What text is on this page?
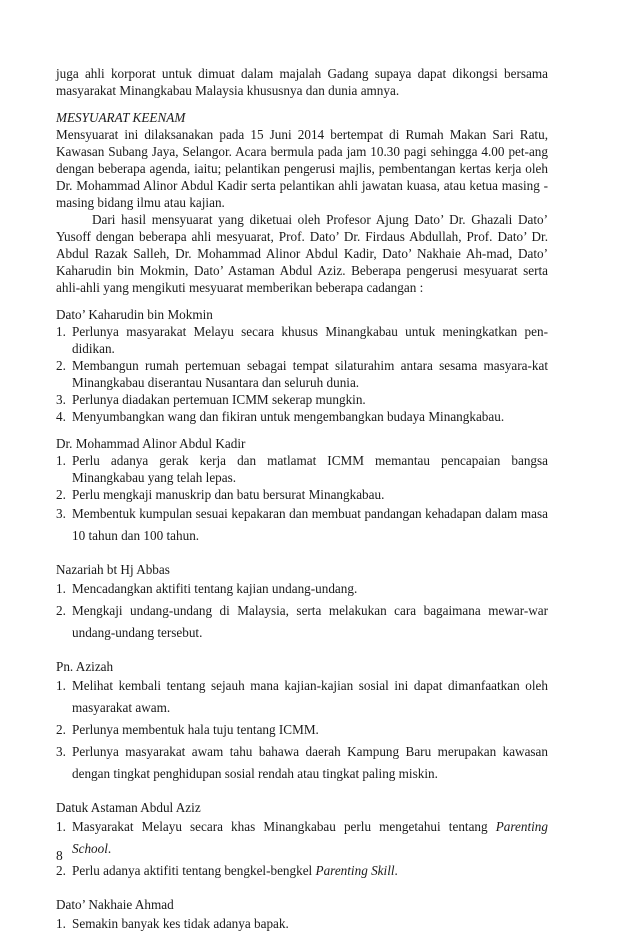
juga ahli korporat untuk dimuat dalam majalah Gadang supaya dapat dikongsi bersama masyarakat Minangkabau Malaysia khususnya dan dunia amnya.

MESYUARAT KEENAM

Mensyuarat ini dilaksanakan pada 15 Juni 2014 bertempat di Rumah Makan Sari Ratu, Kawasan Subang Jaya, Selangor. Acara bermula pada jam 10.30 pagi sehingga 4.00 pet-ang dengan beberapa agenda, iaitu; pelantikan pengerusi majlis, pembentangan kertas kerja oleh Dr. Mohammad Alinor Abdul Kadir serta pelantikan ahli jawatan kuasa, atau ketua masing -masing bidang ilmu atau kajian.

Dari hasil mensyuarat yang diketuai oleh Profesor Ajung Dato’ Dr. Ghazali Dato’ Yusoff dengan beberapa ahli mesyuarat, Prof. Dato’ Dr. Firdaus Abdullah, Prof. Dato’ Dr. Abdul Razak Salleh, Dr. Mohammad Alinor Abdul Kadir, Dato’ Nakhaie Ah-mad, Dato’ Kaharudin bin Mokmin, Dato’ Astaman Abdul Aziz. Beberapa pengerusi mesyuarat serta ahli-ahli yang mengikuti mesyuarat memberikan beberapa cadangan :

Dato’ Kaharudin bin Mokmin

1. Perlunya masyarakat Melayu secara khusus Minangkabau untuk meningkatkan pen-didikan.
2. Membangun rumah pertemuan sebagai tempat silaturahim antara sesama masyara-kat Minangkabau diserantau Nusantara dan seluruh dunia.
3. Perlunya diadakan pertemuan ICMM sekerap mungkin.
4. Menyumbangkan wang dan fikiran untuk mengembangkan budaya Minangkabau.

Dr. Mohammad Alinor Abdul Kadir

1. Perlu adanya gerak kerja dan matlamat ICMM memantau pencapaian bangsa Minangkabau yang telah lepas.
2. Perlu mengkaji manuskrip dan batu bersurat Minangkabau.
3. Membentuk kumpulan sesuai kepakaran dan membuat pandangan kehadapan dalam masa 10 tahun dan 100 tahun.

Nazariah bt Hj Abbas

1. Mencadangkan aktifiti tentang kajian undang-undang.
2. Mengkaji undang-undang di Malaysia, serta melakukan cara bagaimana mewar-war undang-undang tersebut.

Pn. Azizah

1. Melihat kembali tentang sejauh mana kajian-kajian sosial ini dapat dimanfaatkan oleh masyarakat awam.
2. Perlunya membentuk hala tuju tentang ICMM.
3. Perlunya masyarakat awam tahu bahawa daerah Kampung Baru merupakan kawasan dengan tingkat penghidupan sosial rendah atau tingkat paling miskin.

Datuk Astaman Abdul Aziz

1. Masyarakat Melayu secara khas Minangkabau perlu mengetahui tentang Parenting School.
2. Perlu adanya aktifiti tentang bengkel-bengkel Parenting Skill.

Dato’ Nakhaie Ahmad

1. Semakin banyak kes tidak adanya bapak.
8
